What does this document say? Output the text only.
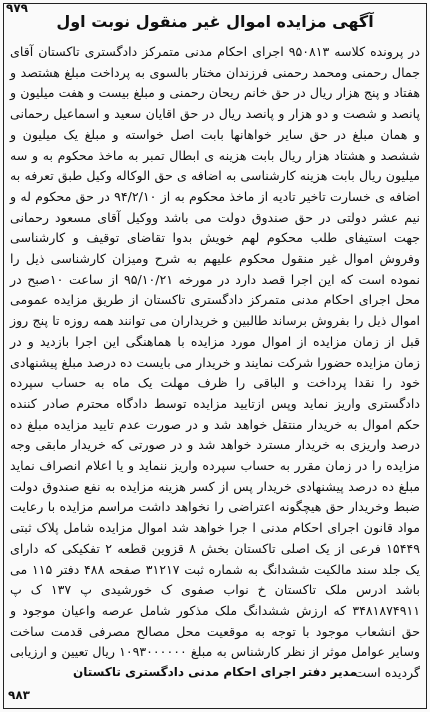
۹۷۹
آگهی مزایده اموال غیر منقول نوبت اول
در پرونده کلاسه ۹۵۰۸۱۳ اجرای احکام مدنی متمرکز دادگستری تاکستان آقای جمال رحمنی ومحمد رحمنی فرزندان مختار بالسوی به پرداخت مبلغ هشتصد و هفتاد و پنج هزار ریال در حق خانم ریحان رحمنی و مبلغ بیست و هفت میلیون و پانصد و شصت و دو هزار و پانصد ریال در حق اقایان سعید و اسماعیل رحمانی و همان مبلغ در حق سایر خواهانها بابت اصل خواسته و مبلغ یک میلیون و ششصد و هشتاد هزار ریال بابت هزینه ی ابطال تمبر به ماخذ محکوم به و سه میلیون ریال بابت هزینه کارشناسی به اضافه ی حق الوکاله وکیل طبق تعرفه به اضافه ی خسارت تاخیر تادیه از ماخذ محکوم به از ۹۴/۲/۱۰ در حق محکوم له و نیم عشر دولتی در حق صندوق دولت می باشد ووکیل آقای مسعود رحمانی جهت استیفای طلب محکوم لهم خویش بدوا تقاضای توقیف و کارشناسی وفروش اموال غیر منقول محکوم علیهم به شرح ومیزان کارشناسی ذیل را نموده است که این اجرا قصد دارد در مورخه ۹۵/۱۰/۲۱ از ساعت ۱۰صبح در محل اجرای احکام مدنی متمرکز دادگستری تاکستان از طریق مزایده عمومی اموال ذیل را بفروش برساند طالبین و خریداران می توانند همه روزه تا پنج روز قبل از زمان مزایده از اموال مورد مزایده با هماهنگی این اجرا بازدید و در زمان مزایده حضورا شرکت نمایند و خریدار می بایست ده درصد مبلغ پیشنهادی خود را نقدا پرداخت و الباقی را ظرف مهلت یک ماه به حساب سپرده دادگستری واریز نماید وپس ازتایید مزایده توسط دادگاه محترم صادر کننده حکم اموال به خریدار منتقل خواهد شد و در صورت عدم تایید مزایده مبلغ ده درصد واریزی به خریدار مسترد خواهد شد و در صورتی که خریدار مابقی وجه مزایده را در زمان مقرر به حساب سپرده واریز ننماید و یا اعلام انصراف نماید مبلغ ده درصد پیشنهادی خریدار پس از کسر هزینه مزایده به نفع صندوق دولت ضبط وخریدار حق هیچگونه اعتراضی را نخواهد داشت مراسم مزایده با رعایت مواد قانون اجرای احکام مدنی ا جرا خواهد شد اموال مزایده شامل پلاک ثبتی ۱۵۴۴۹ فرعی از یک اصلی تاکستان بخش ۸ قزوین قطعه ۲ تفکیکی که دارای یک جلد سند مالکیت ششدانگ به شماره ثبت ۳۱۲۱۷ صفحه ۴۸۸ دفتر ۱۱۵ می باشد ادرس ملک تاکستان خ نواب صفوی ک خورشیدی پ ۱۳۷ ک پ ۳۴۸۱۸۷۴۹۱۱ که ارزش ششدانگ ملک مذکور شامل عرصه واعیان موجود و حق انشعاب موجود با توجه به موقعیت محل مصالح مصرفی قدمت ساخت وسایر عوامل موثر از نظر کارشناس به مبلغ ۱۰۹۳۰۰۰۰۰۰ ریال تعیین و ارزیابی گردیده است
مدیر دفتر اجرای احکام مدنی دادگستری تاکستان
۹۸۳
